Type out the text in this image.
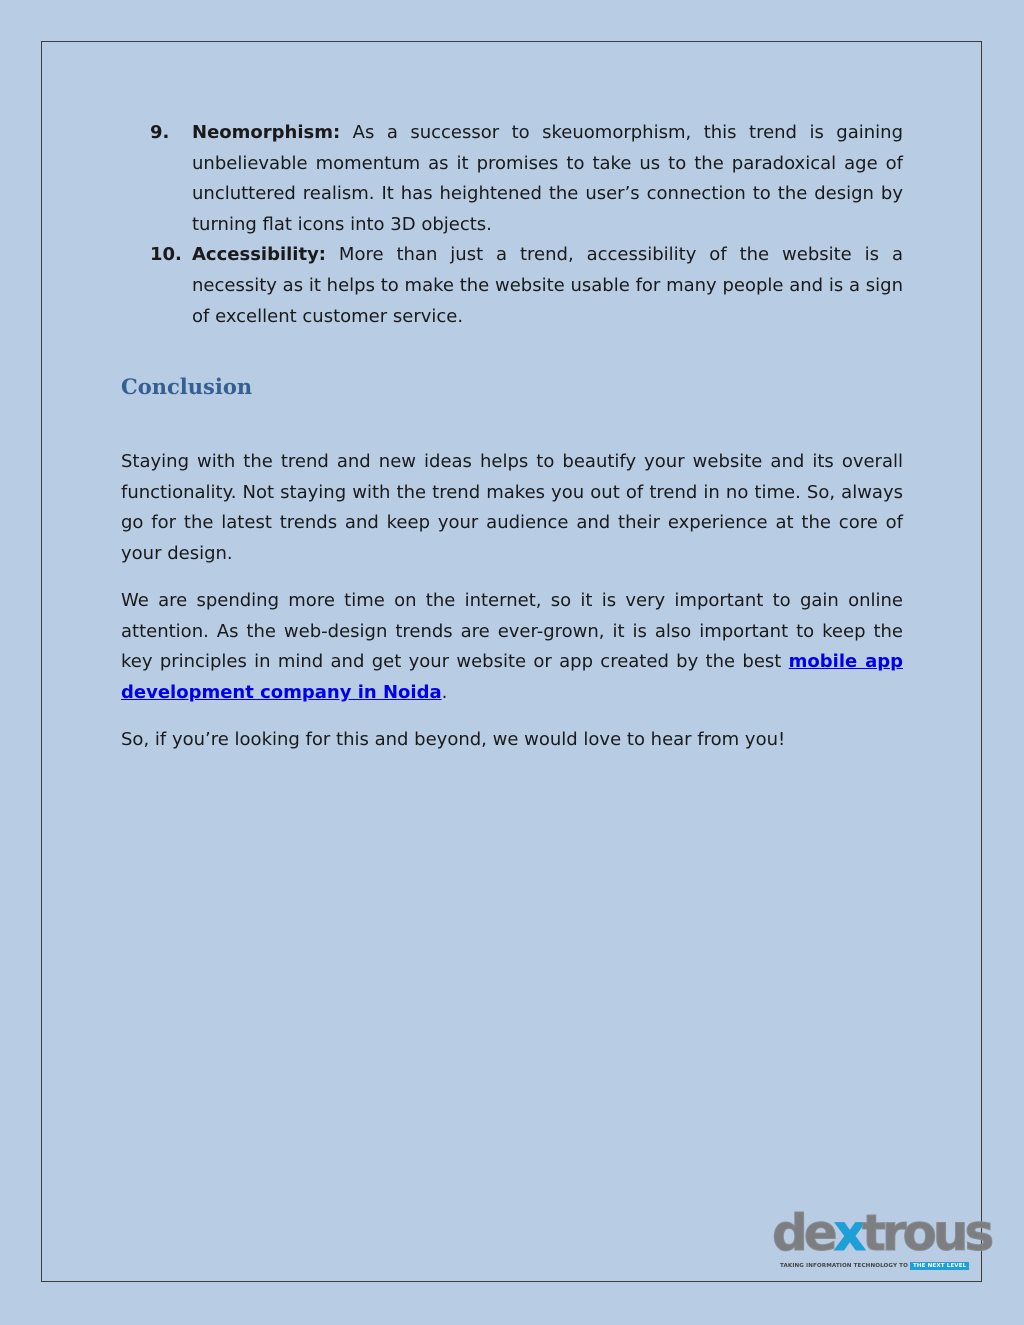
9. Neomorphism: As a successor to skeuomorphism, this trend is gaining unbelievable momentum as it promises to take us to the paradoxical age of uncluttered realism. It has heightened the user’s connection to the design by turning flat icons into 3D objects.
10. Accessibility: More than just a trend, accessibility of the website is a necessity as it helps to make the website usable for many people and is a sign of excellent customer service.
Conclusion

Staying with the trend and new ideas helps to beautify your website and its overall functionality. Not staying with the trend makes you out of trend in no time. So, always go for the latest trends and keep your audience and their experience at the core of your design.

We are spending more time on the internet, so it is very important to gain online attention. As the web-design trends are ever-grown, it is also important to keep the key principles in mind and get your website or app created by the best mobile app development company in Noida.

So, if you’re looking for this and beyond, we would love to hear from you!

dextrous
TAKING INFORMATION TECHNOLOGY TO THE NEXT LEVEL
